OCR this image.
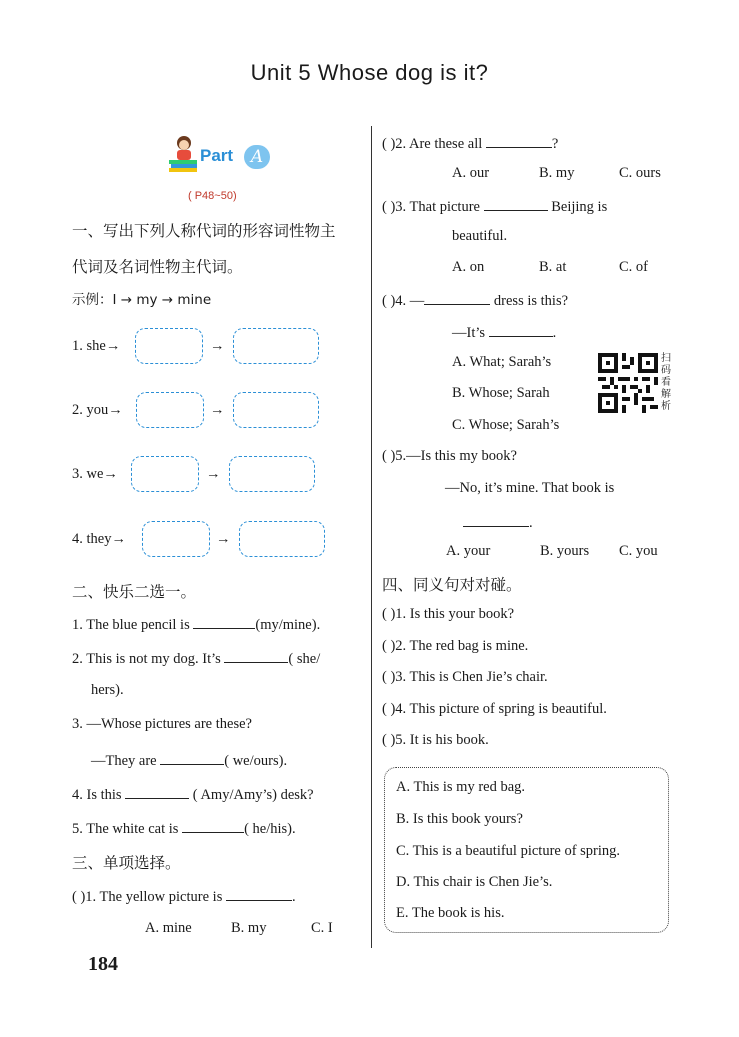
Unit 5 Whose dog is it?
Part	A
( P48~50)
一、写出下列人称代词的形容词性物主
代词及名词性物主代词。
示例：I → my → mine
1. she→	→
2. you→	→
3. we→	→
4. they→	→
二、快乐二选一。
1. The blue pencil is	(my/mine).
2. This is not my dog. It’s	( she/
hers).
3. —Whose pictures are these?
—They are	( we/ours).
4. Is this	( Amy/Amy’s) desk?
5. The white cat is	( he/his).
三、单项选择。
( )1. The yellow picture is	.
A. mine	B. my	C. I
184
( )2. Are these all	?
A. our	B. my	C. ours
( )3. That picture	Beijing is
beautiful.
A. on	B. at	C. of
( )4. —	dress is this?
—It’s	.
A. What; Sarah’s
B. Whose; Sarah
C. Whose; Sarah’s
扫码看解析
( )5.—Is this my book?
—No, it’s mine. That book is
.
A. your	B. yours C. you
四、同义句对对碰。
( )1. Is this your book?
( )2. The red bag is mine.
( )3. This is Chen Jie’s chair.
( )4. This picture of spring is beautiful.
( )5. It is his book.
A. This is my red bag.
B. Is this book yours?
C. This is a beautiful picture of spring.
D. This chair is Chen Jie’s.
E. The book is his.
